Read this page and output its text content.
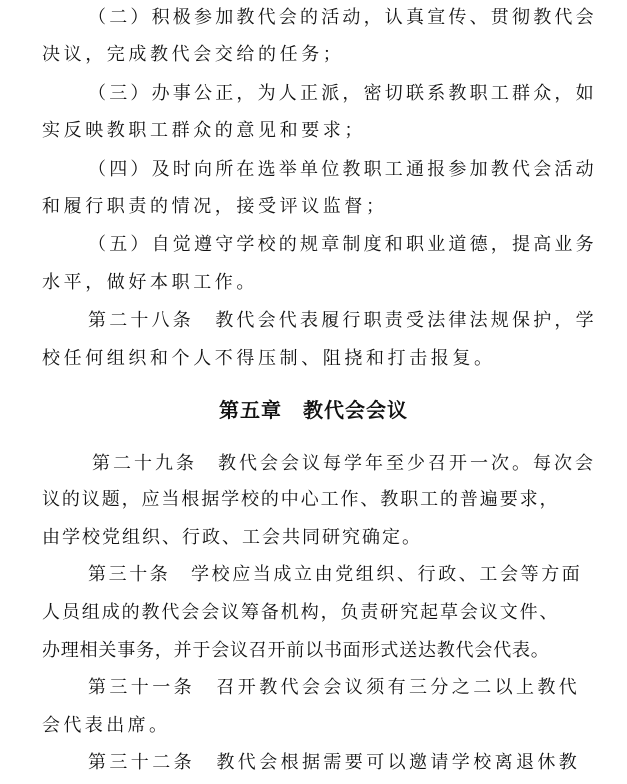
（二）积极参加教代会的活动，认真宣传、贯彻教代会
决议，完成教代会交给的任务；
（三）办事公正，为人正派，密切联系教职工群众，如
实反映教职工群众的意见和要求；
（四）及时向所在选举单位教职工通报参加教代会活动
和履行职责的情况，接受评议监督；
（五）自觉遵守学校的规章制度和职业道德，提高业务
水平，做好本职工作。
第二十八条　教代会代表履行职责受法律法规保护，学
校任何组织和个人不得压制、阻挠和打击报复。
第五章　教代会会议
第二十九条　教代会会议每学年至少召开一次。每次会
议的议题，应当根据学校的中心工作、教职工的普遍要求，
由学校党组织、行政、工会共同研究确定。
第三十条　学校应当成立由党组织、行政、工会等方面
人员组成的教代会会议筹备机构，负责研究起草会议文件、
办理相关事务，并于会议召开前以书面形式送达教代会代表。
第三十一条　召开教代会会议须有三分之二以上教代
会代表出席。
第三十二条　教代会根据需要可以邀请学校离退休教
